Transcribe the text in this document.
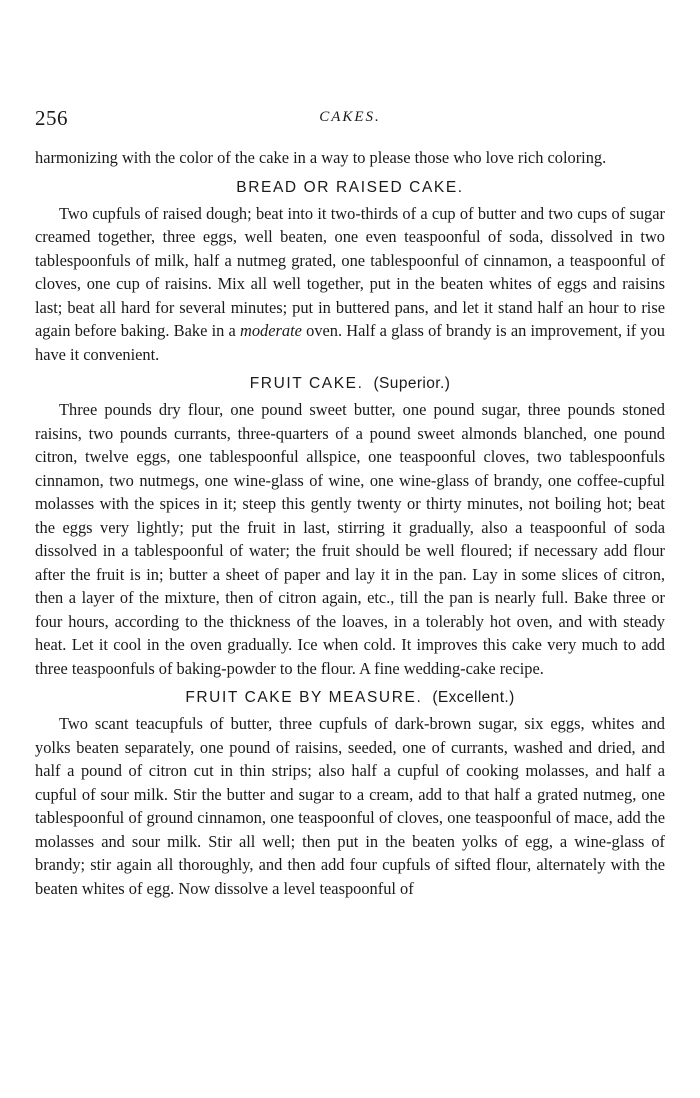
256	CAKES.

harmonizing with the color of the cake in a way to please those who love rich coloring.

BREAD OR RAISED CAKE.

Two cupfuls of raised dough; beat into it two-thirds of a cup of butter and two cups of sugar creamed together, three eggs, well beaten, one even teaspoonful of soda, dissolved in two tablespoonfuls of milk, half a nutmeg grated, one tablespoonful of cinnamon, a teaspoonful of cloves, one cup of raisins. Mix all well together, put in the beaten whites of eggs and raisins last; beat all hard for several minutes; put in buttered pans, and let it stand half an hour to rise again before baking. Bake in a moderate oven. Half a glass of brandy is an improvement, if you have it convenient.

FRUIT CAKE. (Superior.)

Three pounds dry flour, one pound sweet butter, one pound sugar, three pounds stoned raisins, two pounds currants, three-quarters of a pound sweet almonds blanched, one pound citron, twelve eggs, one tablespoonful allspice, one teaspoonful cloves, two tablespoonfuls cinnamon, two nutmegs, one wine-glass of wine, one wine-glass of brandy, one coffee-cupful molasses with the spices in it; steep this gently twenty or thirty minutes, not boiling hot; beat the eggs very lightly; put the fruit in last, stirring it gradually, also a teaspoonful of soda dissolved in a tablespoonful of water; the fruit should be well floured; if necessary add flour after the fruit is in; butter a sheet of paper and lay it in the pan. Lay in some slices of citron, then a layer of the mixture, then of citron again, etc., till the pan is nearly full. Bake three or four hours, according to the thickness of the loaves, in a tolerably hot oven, and with steady heat. Let it cool in the oven gradually. Ice when cold. It improves this cake very much to add three teaspoonfuls of baking-powder to the flour. A fine wedding-cake recipe.

FRUIT CAKE BY MEASURE. (Excellent.)

Two scant teacupfuls of butter, three cupfuls of dark-brown sugar, six eggs, whites and yolks beaten separately, one pound of raisins, seeded, one of currants, washed and dried, and half a pound of citron cut in thin strips; also half a cupful of cooking molasses, and half a cupful of sour milk. Stir the butter and sugar to a cream, add to that half a grated nutmeg, one tablespoonful of ground cinnamon, one teaspoonful of cloves, one teaspoonful of mace, add the molasses and sour milk. Stir all well; then put in the beaten yolks of egg, a wine-glass of brandy; stir again all thoroughly, and then add four cupfuls of sifted flour, alternately with the beaten whites of egg. Now dissolve a level teaspoonful of
